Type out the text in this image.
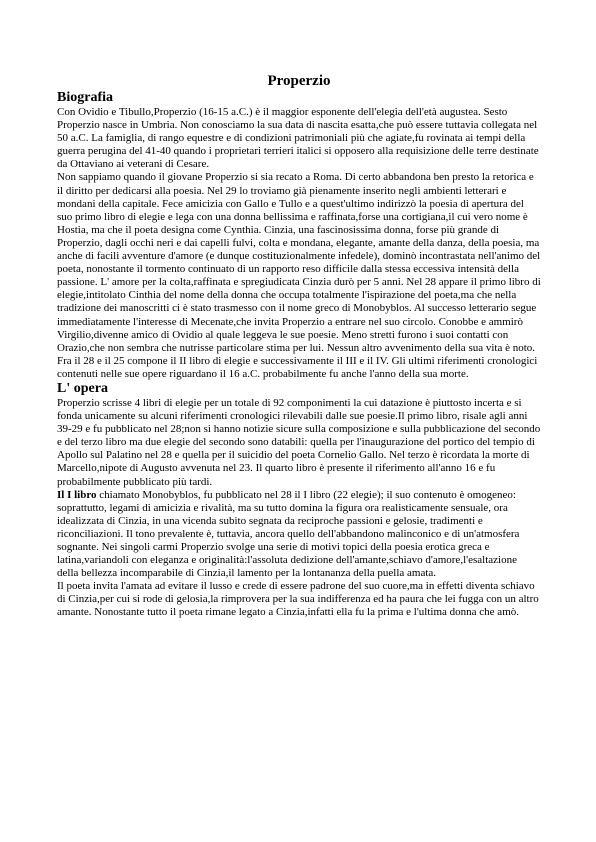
Properzio
Biografia

Con Ovidio e Tibullo,Properzio (16-15 a.C.) è il maggior esponente dell'elegia dell'età augustea. Sesto Properzio nasce in Umbria. Non conosciamo la sua data di nascita esatta,che può essere tuttavia collegata nel 50 a.C. La famiglia, di rango equestre e di condizioni patrimoniali più che agiate,fu rovinata ai tempi della guerra perugina del 41-40 quando i proprietari terrieri italici si opposero alla requisizione delle terre destinate da Ottaviano ai veterani di Cesare.

Non sappiamo quando il giovane Properzio si sia recato a Roma. Di certo abbandona ben presto la retorica e il diritto per dedicarsi alla poesia. Nel 29 lo troviamo già pienamente inserito negli ambienti letterari e mondani della capitale. Fece amicizia con Gallo e Tullo e a quest'ultimo indirizzò la poesia di apertura del suo primo libro di elegie e lega con una donna bellissima e raffinata,forse una cortigiana,il cui vero nome è Hostia, ma che il poeta designa come Cynthia. Cinzia, una fascinosissima donna, forse più grande di Properzio, dagli occhi neri e dai capelli fulvi, colta e mondana, elegante, amante della danza, della poesia, ma anche di facili avventure d'amore (e dunque costituzionalmente infedele), dominò incontrastata nell'animo del poeta, nonostante il tormento continuato di un rapporto reso difficile dalla stessa eccessiva intensità della passione. L' amore per la colta,raffinata e spregiudicata Cinzia durò per 5 anni. Nel 28 appare il primo libro di elegie,intitolato Cinthia del nome della donna che occupa totalmente l'ispirazione del poeta,ma che nella tradizione dei manoscritti ci è stato trasmesso con il nome greco di Monobyblos. Al successo letterario segue immediatamente l'interesse di Mecenate,che invita Properzio a entrare nel suo circolo. Conobbe e ammirò Virgilio,divenne amico di Ovidio al quale leggeva le sue poesie. Meno stretti furono i suoi contatti con Orazio,che non sembra che nutrisse particolare stima per lui. Nessun altro avvenimento della sua vita è noto. Fra il 28 e il 25 compone il II libro di elegie e successivamente il III e il IV. Gli ultimi riferimenti cronologici contenuti nelle sue opere riguardano il 16 a.C. probabilmente fu anche l'anno della sua morte.

L' opera

Properzio scrisse 4 libri di elegie per un totale di 92 componimenti la cui datazione è piuttosto incerta e si fonda unicamente su alcuni riferimenti cronologici rilevabili dalle sue poesie.Il primo libro, risale agli anni 39-29 e fu pubblicato nel 28;non si hanno notizie sicure sulla composizione e sulla pubblicazione del secondo e del terzo libro ma due elegie del secondo sono databili: quella per l'inaugurazione del portico del tempio di Apollo sul Palatino nel 28 e quella per il suicidio del poeta Cornelio Gallo. Nel terzo è ricordata la morte di Marcello,nipote di Augusto avvenuta nel 23. Il quarto libro è presente il riferimento all'anno 16 e fu probabilmente pubblicato più tardi.

Il I libro chiamato Monobyblos, fu pubblicato nel 28 il I libro (22 elegie); il suo contenuto è omogeneo: soprattutto, legami di amicizia e rivalità, ma su tutto domina la figura ora realisticamente sensuale, ora idealizzata di Cinzia, in una vicenda subito segnata da reciproche passioni e gelosie, tradimenti e riconciliazioni. Il tono prevalente è, tuttavia, ancora quello dell'abbandono malinconico e di un'atmosfera sognante. Nei singoli carmi Properzio svolge una serie di motivi topici della poesia erotica greca e latina,variandoli con eleganza e originalità:l'assoluta dedizione dell'amante,schiavo d'amore,l'esaltazione della bellezza incomparabile di Cinzia,il lamento per la lontananza della puella amata.

Il poeta invita l'amata ad evitare il lusso e crede di essere padrone del suo cuore,ma in effetti diventa schiavo di Cinzia,per cui si rode di gelosia,la rimprovera per la sua indifferenza ed ha paura che lei fugga con un altro amante. Nonostante tutto il poeta rimane legato a Cinzia,infatti ella fu la prima e l'ultima donna che amò.
